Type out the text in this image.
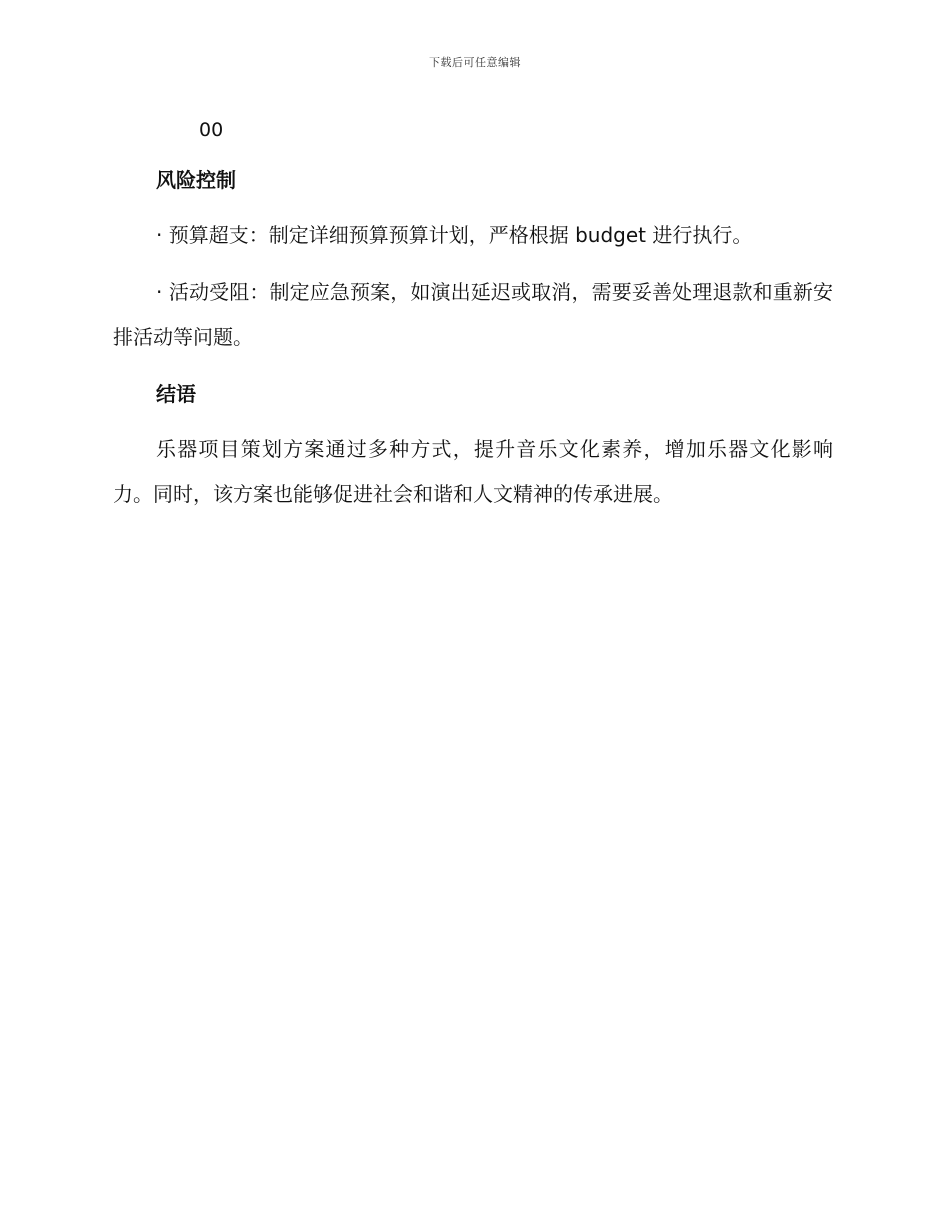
下载后可任意编辑
00
风险控制
· 预算超支：制定详细预算预算计划，严格根据 budget 进行执行。
· 活动受阻：制定应急预案，如演出延迟或取消，需要妥善处理退款和重新安排活动等问题。
结语
乐器项目策划方案通过多种方式，提升音乐文化素养，增加乐器文化影响力。同时，该方案也能够促进社会和谐和人文精神的传承进展。
